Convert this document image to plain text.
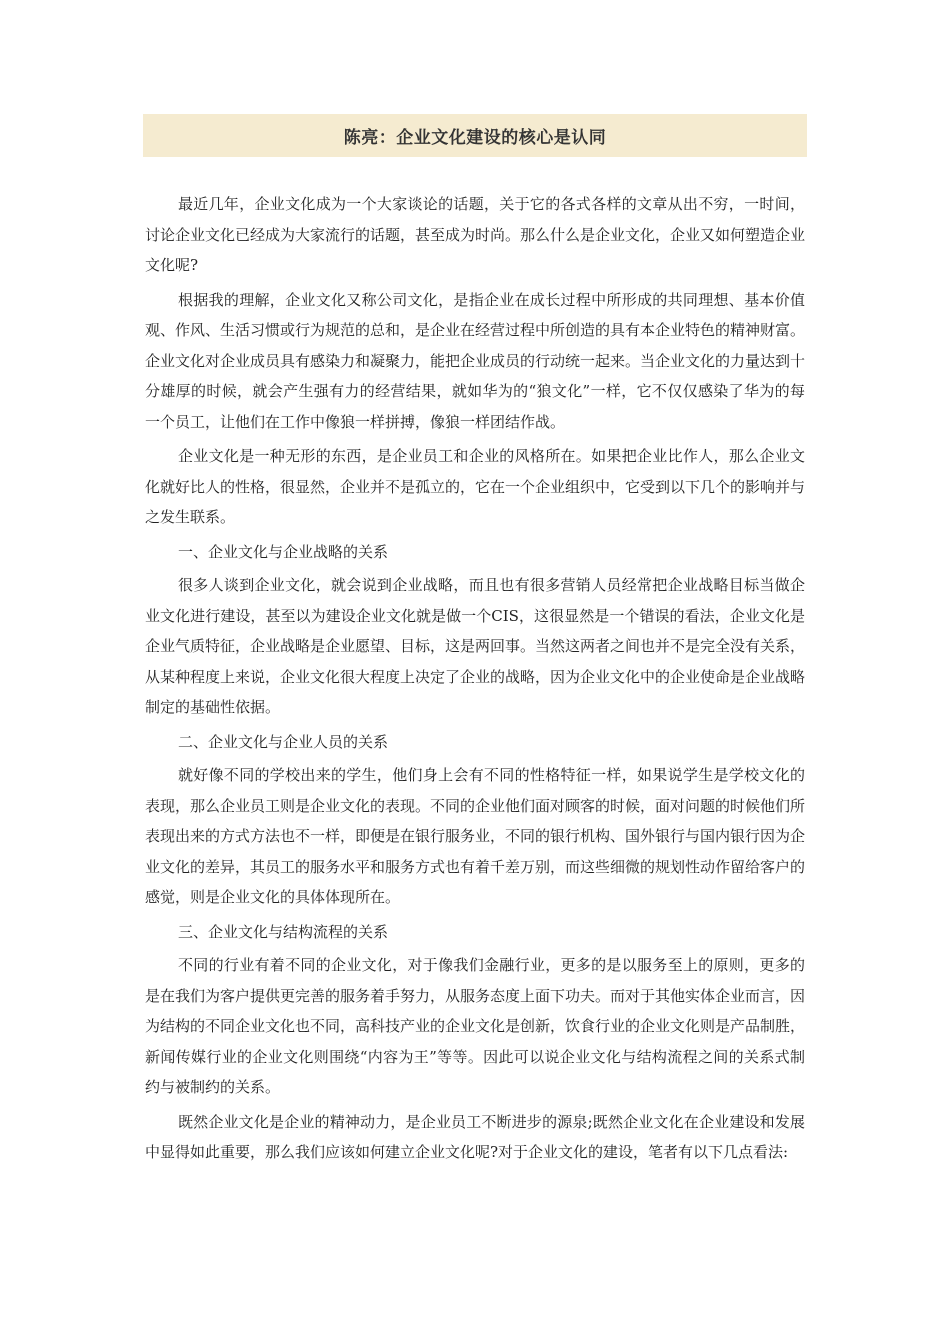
陈亮：企业文化建设的核心是认同

最近几年，企业文化成为一个大家谈论的话题，关于它的各式各样的文章从出不穷，一时间，讨论企业文化已经成为大家流行的话题，甚至成为时尚。那么什么是企业文化，企业又如何塑造企业文化呢?

根据我的理解，企业文化又称公司文化，是指企业在成长过程中所形成的共同理想、基本价值观、作风、生活习惯或行为规范的总和，是企业在经营过程中所创造的具有本企业特色的精神财富。企业文化对企业成员具有感染力和凝聚力，能把企业成员的行动统一起来。当企业文化的力量达到十分雄厚的时候，就会产生强有力的经营结果，就如华为的“狼文化”一样，它不仅仅感染了华为的每一个员工，让他们在工作中像狼一样拼搏，像狼一样团结作战。

企业文化是一种无形的东西，是企业员工和企业的风格所在。如果把企业比作人，那么企业文化就好比人的性格，很显然，企业并不是孤立的，它在一个企业组织中，它受到以下几个的影响并与之发生联系。

一、企业文化与企业战略的关系

很多人谈到企业文化，就会说到企业战略，而且也有很多营销人员经常把企业战略目标当做企业文化进行建设，甚至以为建设企业文化就是做一个CIS，这很显然是一个错误的看法，企业文化是企业气质特征，企业战略是企业愿望、目标，这是两回事。当然这两者之间也并不是完全没有关系，从某种程度上来说，企业文化很大程度上决定了企业的战略，因为企业文化中的企业使命是企业战略制定的基础性依据。

二、企业文化与企业人员的关系

就好像不同的学校出来的学生，他们身上会有不同的性格特征一样，如果说学生是学校文化的表现，那么企业员工则是企业文化的表现。不同的企业他们面对顾客的时候，面对问题的时候他们所表现出来的方式方法也不一样，即便是在银行服务业，不同的银行机构、国外银行与国内银行因为企业文化的差异，其员工的服务水平和服务方式也有着千差万别，而这些细微的规划性动作留给客户的感觉，则是企业文化的具体体现所在。

三、企业文化与结构流程的关系

不同的行业有着不同的企业文化，对于像我们金融行业，更多的是以服务至上的原则，更多的是在我们为客户提供更完善的服务着手努力，从服务态度上面下功夫。而对于其他实体企业而言，因为结构的不同企业文化也不同，高科技产业的企业文化是创新，饮食行业的企业文化则是产品制胜，新闻传媒行业的企业文化则围绕“内容为王”等等。因此可以说企业文化与结构流程之间的关系式制约与被制约的关系。

既然企业文化是企业的精神动力，是企业员工不断进步的源泉;既然企业文化在企业建设和发展中显得如此重要，那么我们应该如何建立企业文化呢?对于企业文化的建设，笔者有以下几点看法:
